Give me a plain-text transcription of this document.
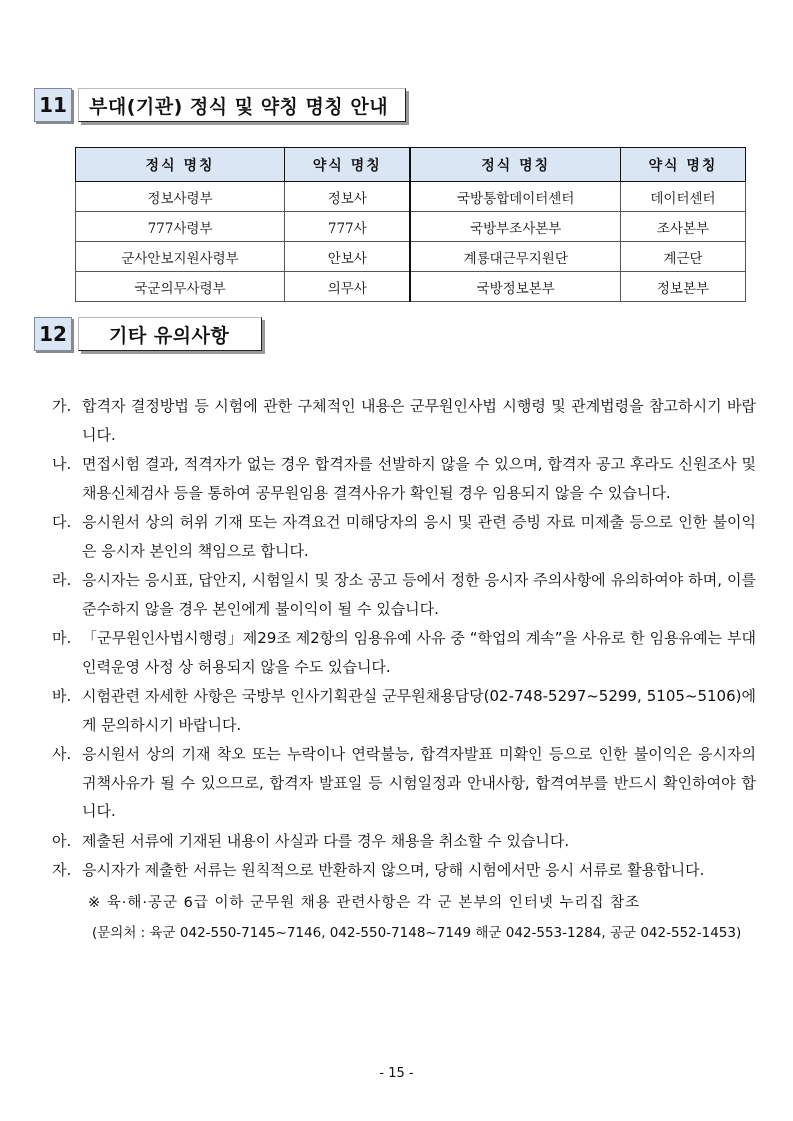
11	부대(기관) 정식 및 약칭 명칭 안내
정식 명칭	약식 명칭	정식 명칭	약식 명칭
정보사령부	정보사	국방통합데이터센터	데이터센터
777사령부	777사	국방부조사본부	조사본부
군사안보지원사령부	안보사	계룡대근무지원단	계근단
국군의무사령부	의무사	국방정보본부	정보본부
12	기타 유의사항
가. 합격자 결정방법 등 시험에 관한 구체적인 내용은 군무원인사법 시행령 및 관계법령을 참고하시기 바랍니다.
나. 면접시험 결과, 적격자가 없는 경우 합격자를 선발하지 않을 수 있으며, 합격자 공고 후라도 신원조사 및 채용신체검사 등을 통하여 공무원임용 결격사유가 확인될 경우 임용되지 않을 수 있습니다.
다. 응시원서 상의 허위 기재 또는 자격요건 미해당자의 응시 및 관련 증빙 자료 미제출 등으로 인한 불이익은 응시자 본인의 책임으로 합니다.
라. 응시자는 응시표, 답안지, 시험일시 및 장소 공고 등에서 정한 응시자 주의사항에 유의하여야 하며, 이를 준수하지 않을 경우 본인에게 불이익이 될 수 있습니다.
마. 「군무원인사법시행령」제29조 제2항의 임용유예 사유 중 “학업의 계속”을 사유로 한 임용유예는 부대 인력운영 사정 상 허용되지 않을 수도 있습니다.
바. 시험관련 자세한 사항은 국방부 인사기획관실 군무원채용담당(02-748-5297~5299, 5105~5106)에게 문의하시기 바랍니다.
사. 응시원서 상의 기재 착오 또는 누락이나 연락불능, 합격자발표 미확인 등으로 인한 불이익은 응시자의 귀책사유가 될 수 있으므로, 합격자 발표일 등 시험일정과 안내사항, 합격여부를 반드시 확인하여야 합니다.
아. 제출된 서류에 기재된 내용이 사실과 다를 경우 채용을 취소할 수 있습니다.
자. 응시자가 제출한 서류는 원칙적으로 반환하지 않으며, 당해 시험에서만 응시 서류로 활용합니다.
※ 육·해·공군 6급 이하 군무원 채용 관련사항은 각 군 본부의 인터넷 누리집 참조
(문의처 : 육군 042-550-7145~7146, 042-550-7148~7149 해군 042-553-1284, 공군 042-552-1453)
- 15 -
